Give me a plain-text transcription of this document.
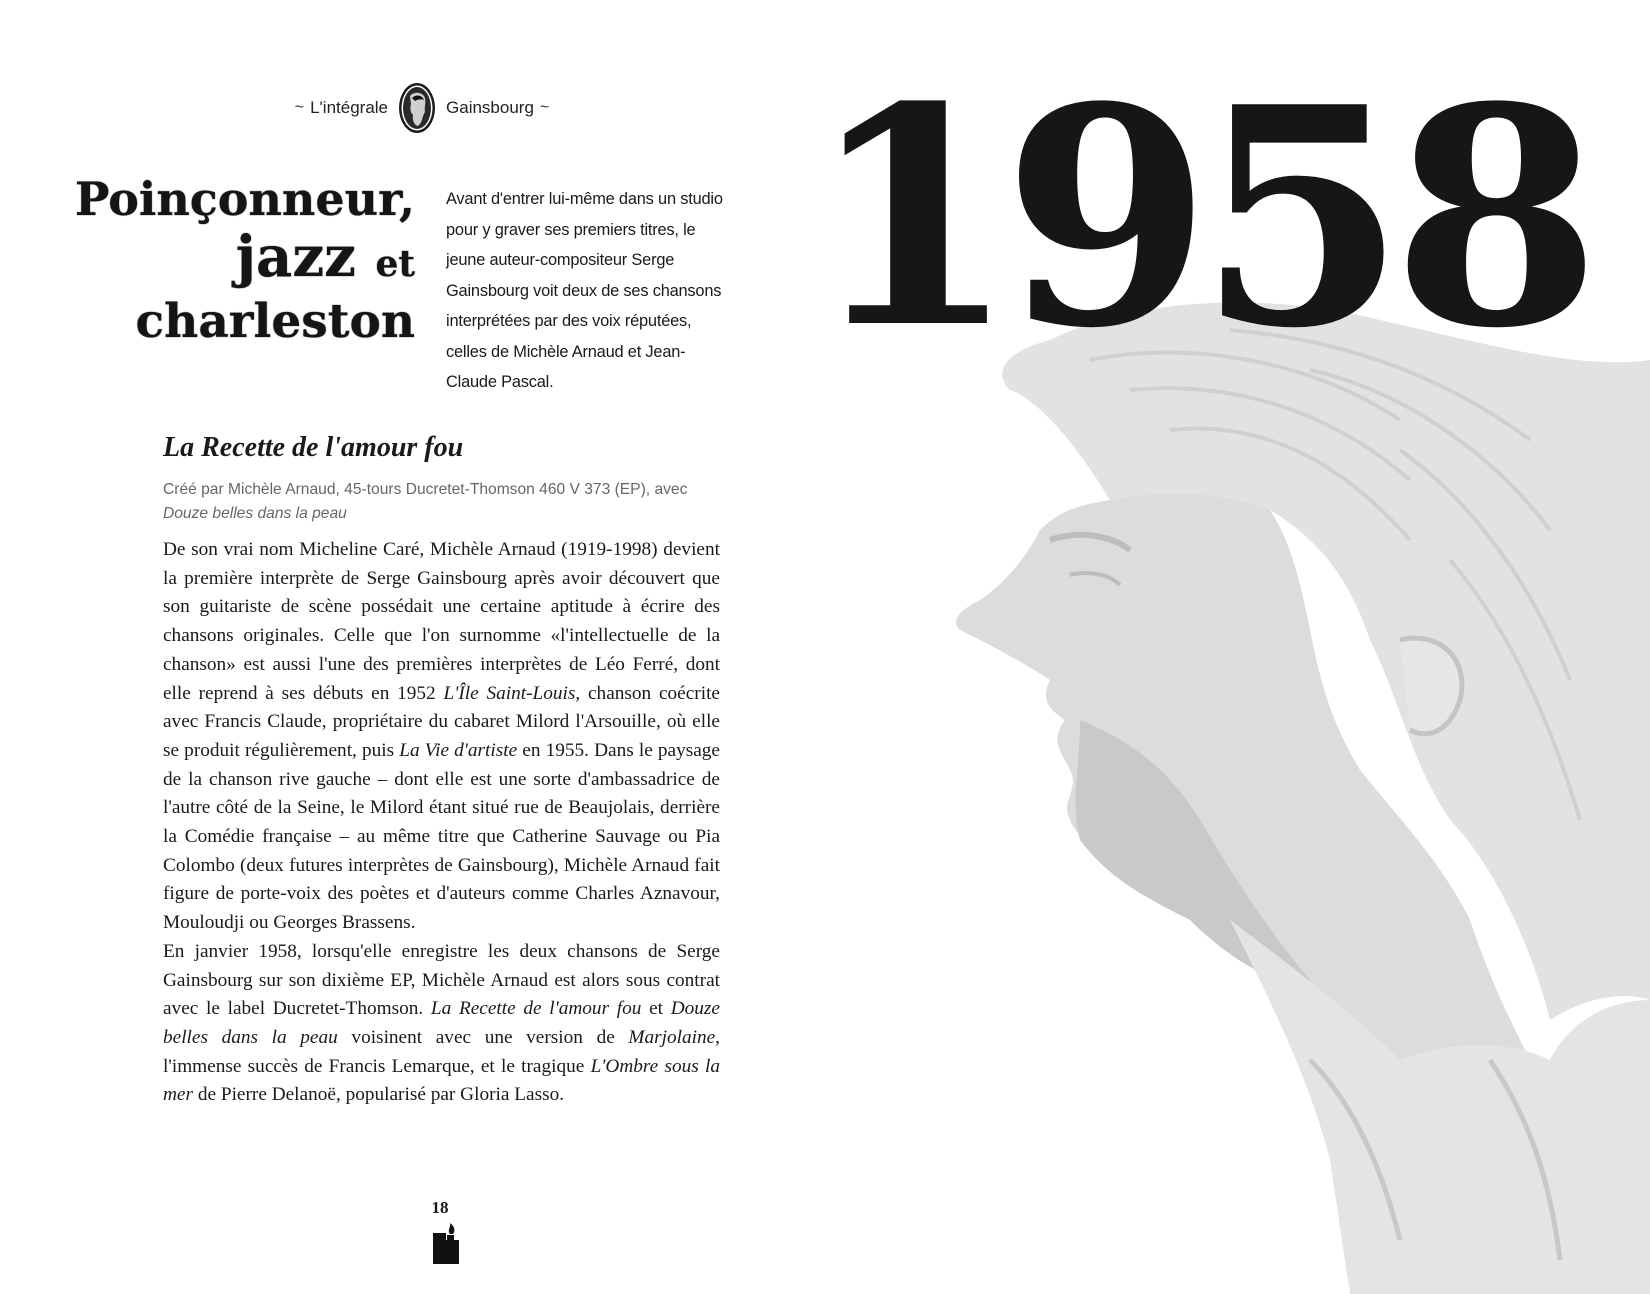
~ L'intégrale	Gainsbourg ~
Poinçonneur,
jazz et
charleston
Avant d'entrer lui-même dans un studio pour y graver ses premiers titres, le jeune auteur-compositeur Serge Gainsbourg voit deux de ses chansons interprétées par des voix réputées, celles de Michèle Arnaud et Jean-Claude Pascal.
La Recette de l'amour fou
Créé par Michèle Arnaud, 45-tours Ducretet-Thomson 460 V 373 (EP), avec Douze belles dans la peau

De son vrai nom Micheline Caré, Michèle Arnaud (1919-1998) devient la première interprète de Serge Gainsbourg après avoir découvert que son guitariste de scène possédait une certaine aptitude à écrire des chansons originales. Celle que l'on surnomme «l'intellectuelle de la chanson» est aussi l'une des premières interprètes de Léo Ferré, dont elle reprend à ses débuts en 1952 L'Île Saint-Louis, chanson coécrite avec Francis Claude, propriétaire du cabaret Milord l'Arsouille, où elle se produit régulièrement, puis La Vie d'artiste en 1955. Dans le paysage de la chanson rive gauche – dont elle est une sorte d'ambassadrice de l'autre côté de la Seine, le Milord étant situé rue de Beaujolais, derrière la Comédie française – au même titre que Catherine Sauvage ou Pia Colombo (deux futures interprètes de Gainsbourg), Michèle Arnaud fait figure de porte-voix des poètes et d'auteurs comme Charles Aznavour, Mouloudji ou Georges Brassens.

En janvier 1958, lorsqu'elle enregistre les deux chansons de Serge Gainsbourg sur son dixième EP, Michèle Arnaud est alors sous contrat avec le label Ducretet-Thomson. La Recette de l'amour fou et Douze belles dans la peau voisinent avec une version de Marjolaine, l'immense succès de Francis Lemarque, et le tragique L'Ombre sous la mer de Pierre Delanoë, popularisé par Gloria Lasso.

18
1958
